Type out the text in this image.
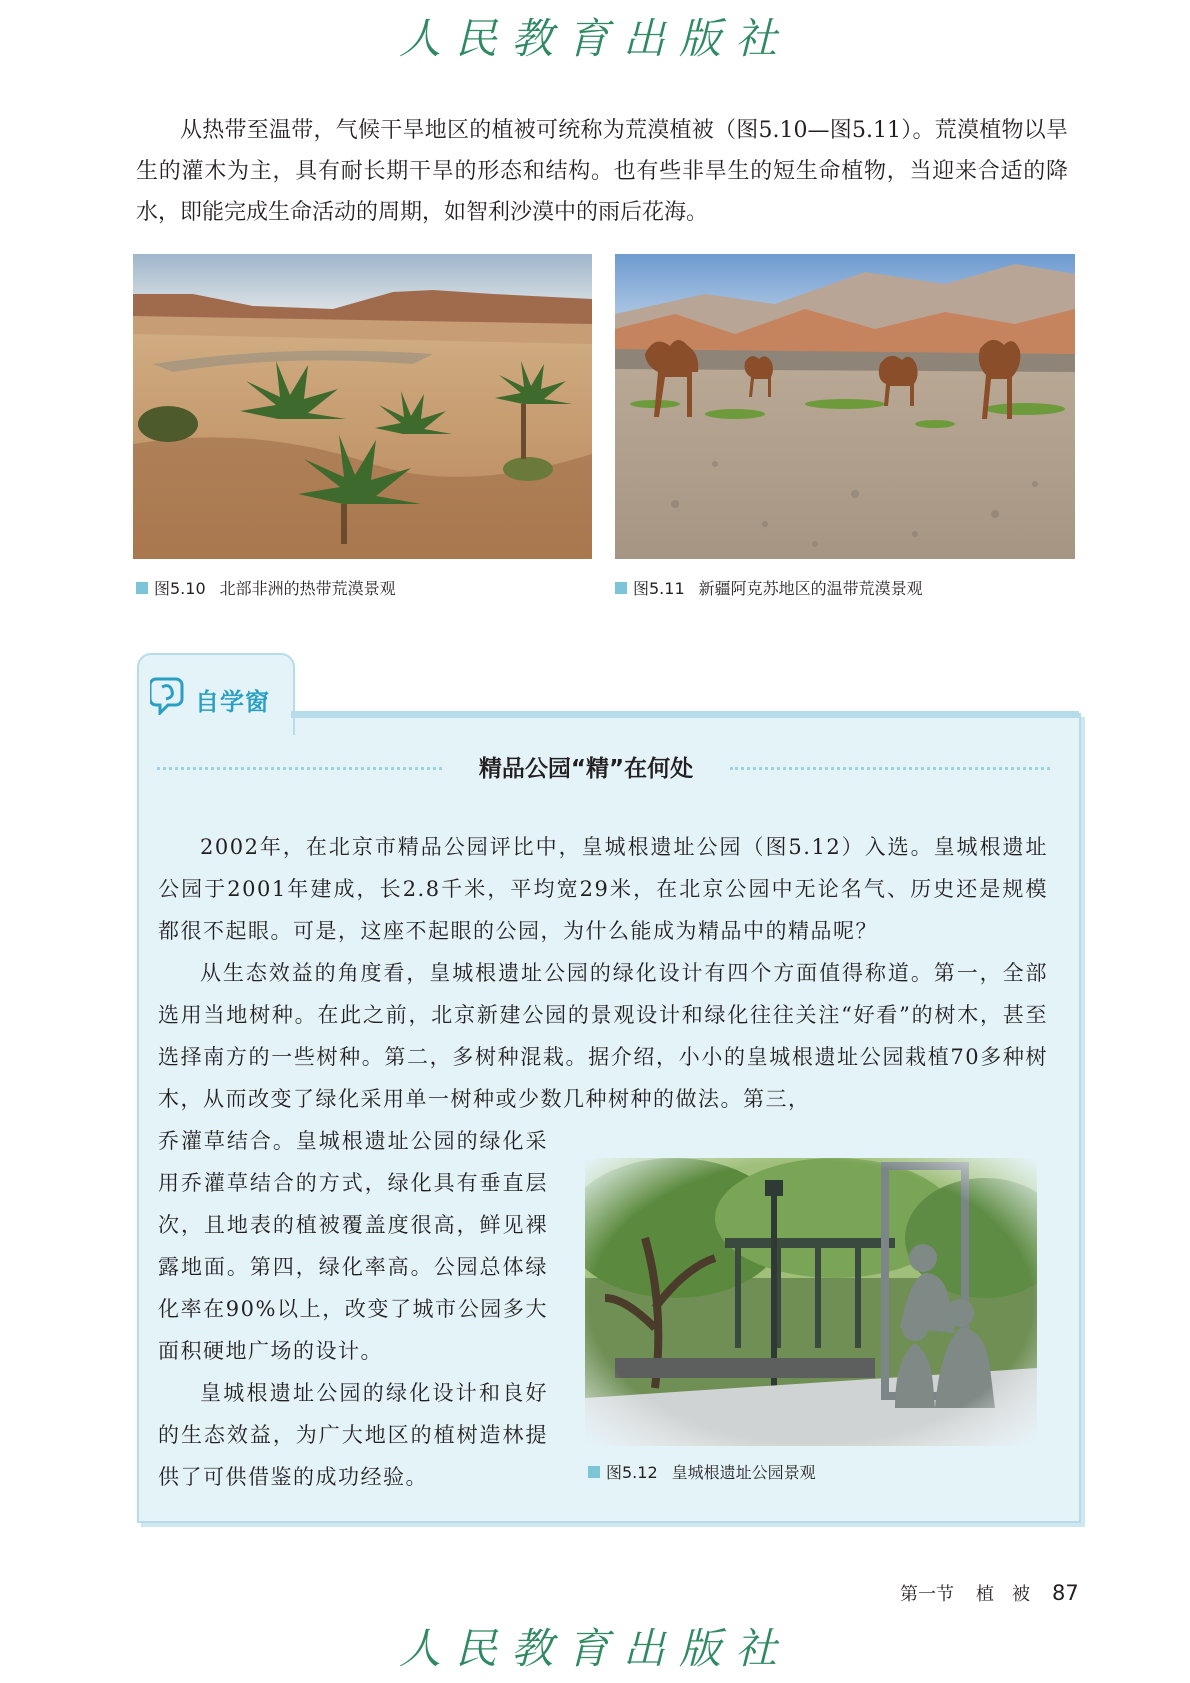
人民教育出版社

从热带至温带，气候干旱地区的植被可统称为荒漠植被（图5.10—图5.11）。荒漠植物以旱生的灌木为主，具有耐长期干旱的形态和结构。也有些非旱生的短生命植物，当迎来合适的降水，即能完成生命活动的周期，如智利沙漠中的雨后花海。

图5.10 北部非洲的热带荒漠景观	图5.11 新疆阿克苏地区的温带荒漠景观
自学窗
精品公园“精”在何处

2002年，在北京市精品公园评比中，皇城根遗址公园（图5.12）入选。皇城根遗址公园于2001年建成，长2.8千米，平均宽29米，在北京公园中无论名气、历史还是规模都很不起眼。可是，这座不起眼的公园，为什么能成为精品中的精品呢？

从生态效益的角度看，皇城根遗址公园的绿化设计有四个方面值得称道。第一，全部选用当地树种。在此之前，北京新建公园的景观设计和绿化往往关注“好看”的树木，甚至选择南方的一些树种。第二，多树种混栽。据介绍，小小的皇城根遗址公园栽植70多种树木，从而改变了绿化采用单一树种或少数几种树种的做法。第三，

乔灌草结合。皇城根遗址公园的绿化采用乔灌草结合的方式，绿化具有垂直层次，且地表的植被覆盖度很高，鲜见裸露地面。第四，绿化率高。公园总体绿化率在90%以上，改变了城市公园多大面积硬地广场的设计。

皇城根遗址公园的绿化设计和良好的生态效益，为广大地区的植树造林提供了可供借鉴的成功经验。	图5.12 皇城根遗址公园景观
第一节 植　被 87
人民教育出版社
